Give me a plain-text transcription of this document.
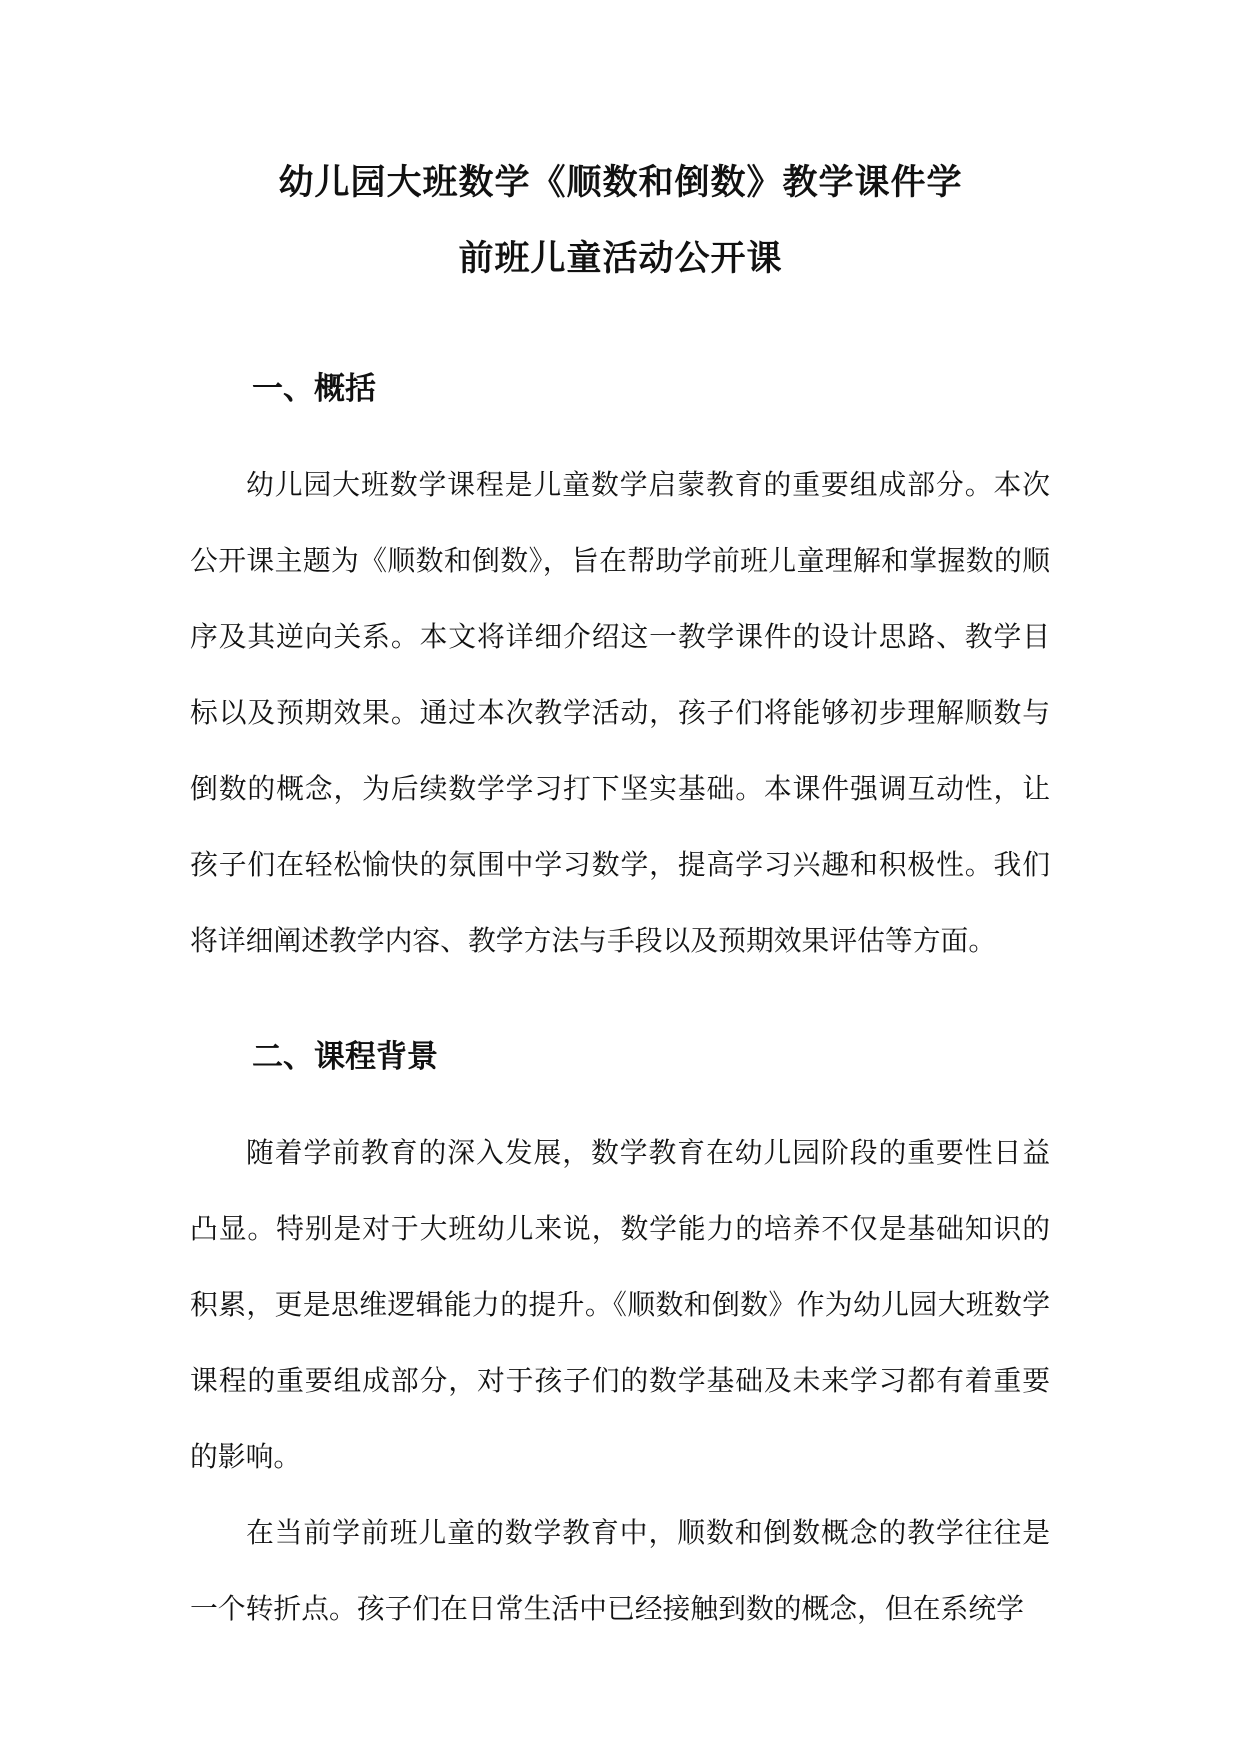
幼儿园大班数学《顺数和倒数》教学课件学
前班儿童活动公开课
一、概括

幼儿园大班数学课程是儿童数学启蒙教育的重要组成部分。本次公开课主题为《顺数和倒数》，旨在帮助学前班儿童理解和掌握数的顺序及其逆向关系。本文将详细介绍这一教学课件的设计思路、教学目标以及预期效果。通过本次教学活动，孩子们将能够初步理解顺数与倒数的概念，为后续数学学习打下坚实基础。本课件强调互动性，让孩子们在轻松愉快的氛围中学习数学，提高学习兴趣和积极性。我们将详细阐述教学内容、教学方法与手段以及预期效果评估等方面。

二、课程背景

随着学前教育的深入发展，数学教育在幼儿园阶段的重要性日益凸显。特别是对于大班幼儿来说，数学能力的培养不仅是基础知识的积累，更是思维逻辑能力的提升。《顺数和倒数》作为幼儿园大班数学课程的重要组成部分，对于孩子们的数学基础及未来学习都有着重要的影响。

在当前学前班儿童的数学教育中，顺数和倒数概念的教学往往是一个转折点。孩子们在日常生活中已经接触到数的概念，但在系统学
